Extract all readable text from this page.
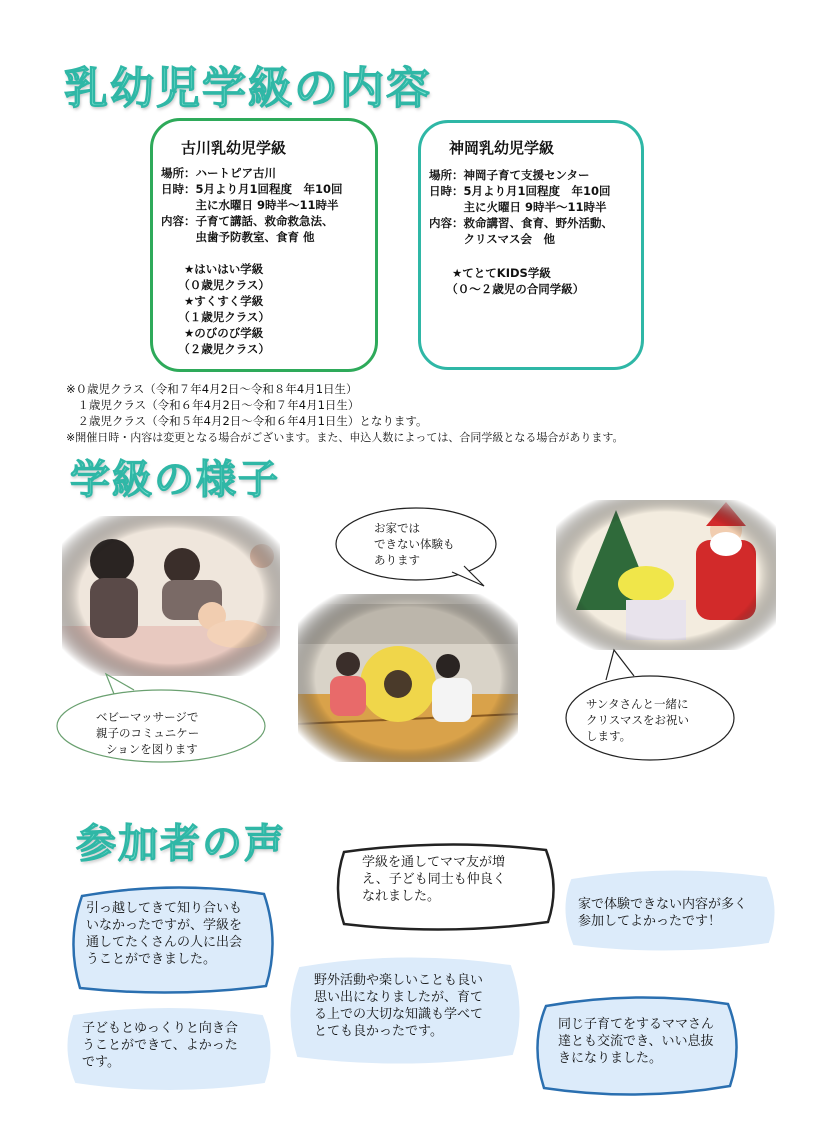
乳幼児学級の内容
古川乳幼児学級
場所：ハートピア古川
日時：5月より月1回程度　年10回
　　　主に水曜日 9時半～11時半
内容：子育て講話、救命救急法、
　　　虫歯予防教室、食育 他
　　★はいはい学級
　　（０歳児クラス）
　　★すくすく学級
　　（１歳児クラス）
　　★のびのび学級
　　（２歳児クラス）
神岡乳幼児学級
場所：神岡子育て支援センター
日時：5月より月1回程度　年10回
　　　主に火曜日 9時半～11時半
内容：救命講習、食育、野外活動、
　　　クリスマス会　他
　　★てとてKIDS学級
　　（０～２歳児の合同学級）
※０歳児クラス（令和７年4月2日～令和８年4月1日生）
　１歳児クラス（令和６年4月2日～令和７年4月1日生）
　２歳児クラス（令和５年4月2日～令和６年4月1日生）となります。
※開催日時・内容は変更となる場合がございます。また、申込人数によっては、合同学級となる場合があります。
学級の様子
ベビーマッサージで
親子のコミュニケー
ションを図ります
お家では
できない体験も
あります
サンタさんと一緒に
クリスマスをお祝い
します。
参加者の声
引っ越してきて知り合いも
いなかったですが、学級を
通してたくさんの人に出会
うことができました。
学級を通してママ友が増
え、子ども同士も仲良く
なれました。
家で体験できない内容が多く
参加してよかったです！
子どもとゆっくりと向き合
うことができて、よかった
です。
野外活動や楽しいことも良い
思い出になりましたが、育て
る上での大切な知識も学べて
とても良かったです。	同じ子育てをするママさん
達とも交流でき、いい息抜
きになりました。
